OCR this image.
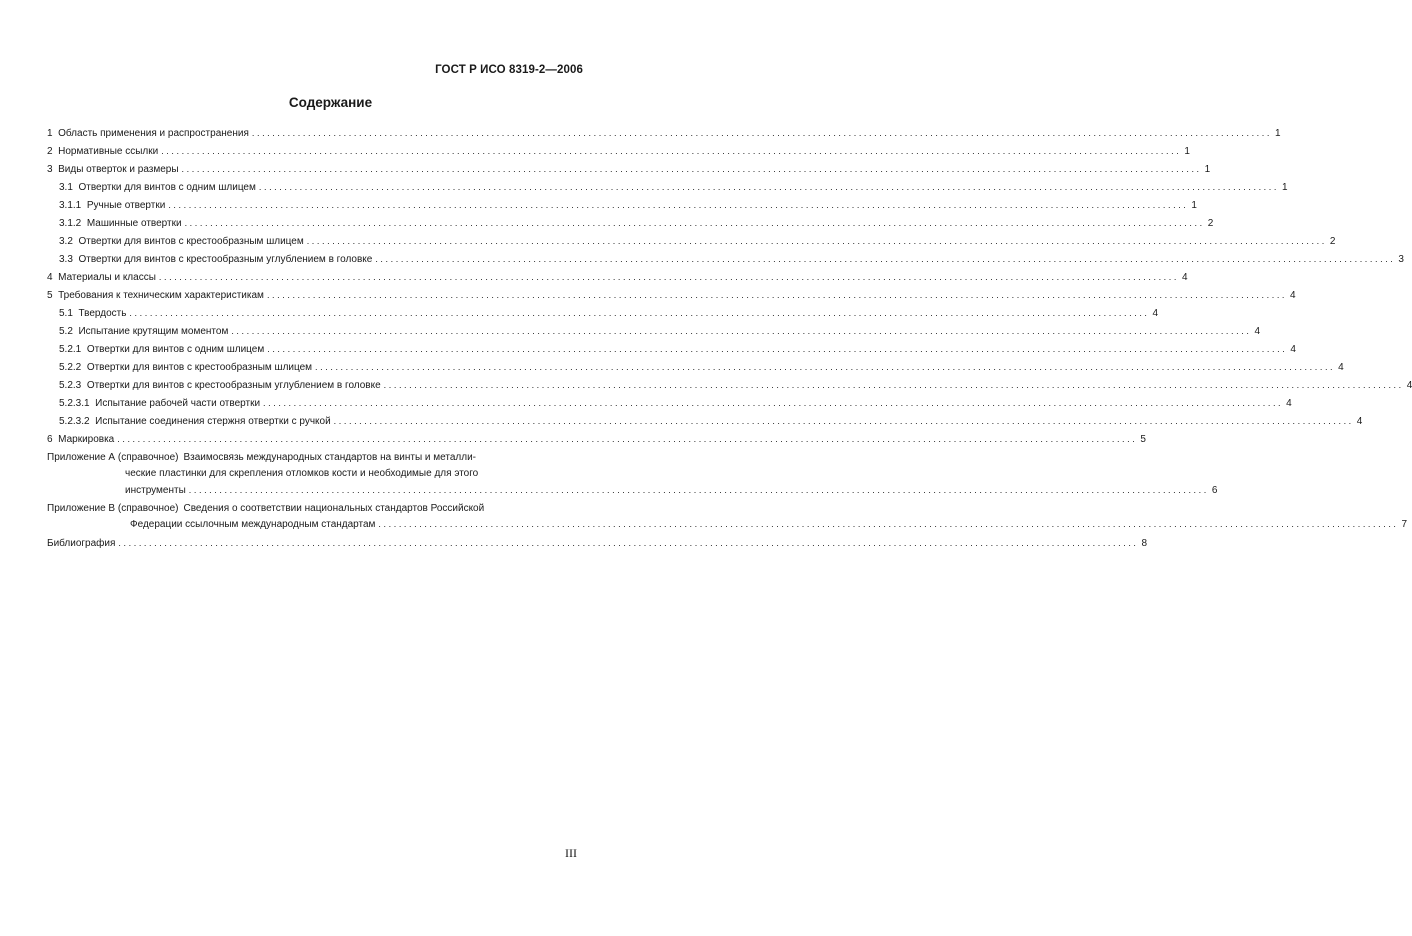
ГОСТ Р ИСО 8319-2—2006
Содержание
1 Область применения и распространения ........................................................................................................................................................................................................ 1
2 Нормативные ссылки ........................................................................................................................................................................................................ 1
3 Виды отверток и размеры ........................................................................................................................................................................................................ 1
3.1 Отвертки для винтов с одним шлицем ........................................................................................................................................................................................................ 1
3.1.1 Ручные отвертки ........................................................................................................................................................................................................ 1
3.1.2 Машинные отвертки ........................................................................................................................................................................................................ 2
3.2 Отвертки для винтов с крестообразным шлицем ........................................................................................................................................................................................................ 2
3.3 Отвертки для винтов с крестообразным углублением в головке ........................................................................................................................................................................................................ 3
4 Материалы и классы ........................................................................................................................................................................................................ 4
5 Требования к техническим характеристикам ........................................................................................................................................................................................................ 4
5.1 Твердость ........................................................................................................................................................................................................ 4
5.2 Испытание крутящим моментом ........................................................................................................................................................................................................ 4
5.2.1 Отвертки для винтов с одним шлицем ........................................................................................................................................................................................................ 4
5.2.2 Отвертки для винтов с крестообразным шлицем ........................................................................................................................................................................................................ 4
5.2.3 Отвертки для винтов с крестообразным углублением в головке ........................................................................................................................................................................................................ 4
5.2.3.1 Испытание рабочей части отвертки ........................................................................................................................................................................................................ 4
5.2.3.2 Испытание соединения стержня отвертки с ручкой ........................................................................................................................................................................................................ 4
6 Маркировка ........................................................................................................................................................................................................ 5
Приложение А (справочное) Взаимосвязь международных стандартов на винты и металли-
ческие пластинки для скрепления отломков кости и необходимые для этого
инструменты ........................................................................................................................................................................................................ 6
Приложение В (справочное) Сведения о соответствии национальных стандартов Российской
Федерации ссылочным международным стандартам ........................................................................................................................................................................................................ 7
Библиография ........................................................................................................................................................................................................ 8
III
